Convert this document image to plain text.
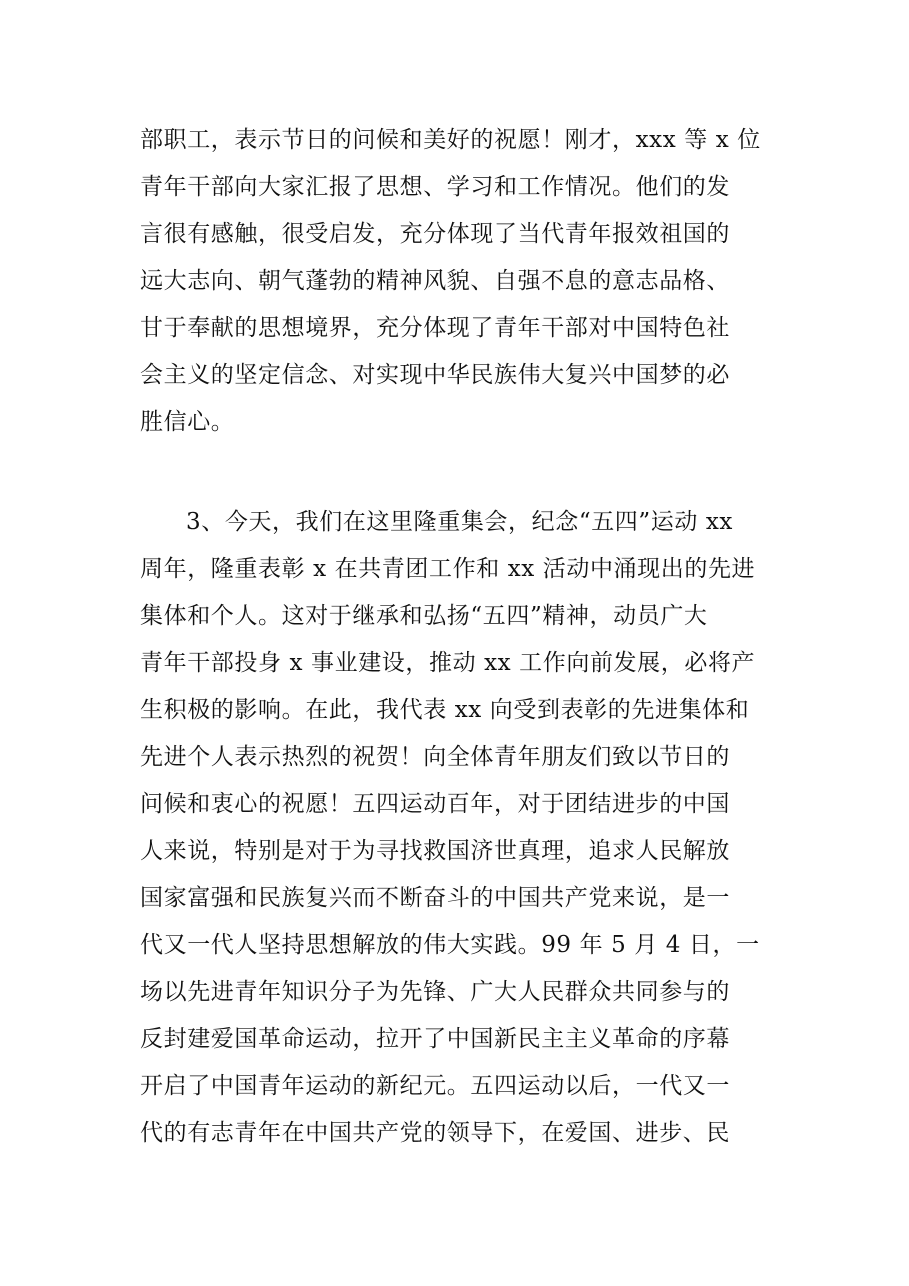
部职工，表示节日的问候和美好的祝愿！刚才，xxx 等 x 位
青年干部向大家汇报了思想、学习和工作情况。他们的发
言很有感触，很受启发，充分体现了当代青年报效祖国的
远大志向、朝气蓬勃的精神风貌、自强不息的意志品格、
甘于奉献的思想境界，充分体现了青年干部对中国特色社
会主义的坚定信念、对实现中华民族伟大复兴中国梦的必
胜信心。
3、今天，我们在这里隆重集会，纪念“五四”运动 xx
周年，隆重表彰 x 在共青团工作和 xx 活动中涌现出的先进
集体和个人。这对于继承和弘扬“五四”精神，动员广大
青年干部投身 x 事业建设，推动 xx 工作向前发展，必将产
生积极的影响。在此，我代表 xx 向受到表彰的先进集体和
先进个人表示热烈的祝贺！向全体青年朋友们致以节日的
问候和衷心的祝愿！五四运动百年，对于团结进步的中国
人来说，特别是对于为寻找救国济世真理，追求人民解放
国家富强和民族复兴而不断奋斗的中国共产党来说，是一
代又一代人坚持思想解放的伟大实践。99 年 5 月 4 日，一
场以先进青年知识分子为先锋、广大人民群众共同参与的
反封建爱国革命运动，拉开了中国新民主主义革命的序幕
开启了中国青年运动的新纪元。五四运动以后，一代又一
代的有志青年在中国共产党的领导下，在爱国、进步、民
